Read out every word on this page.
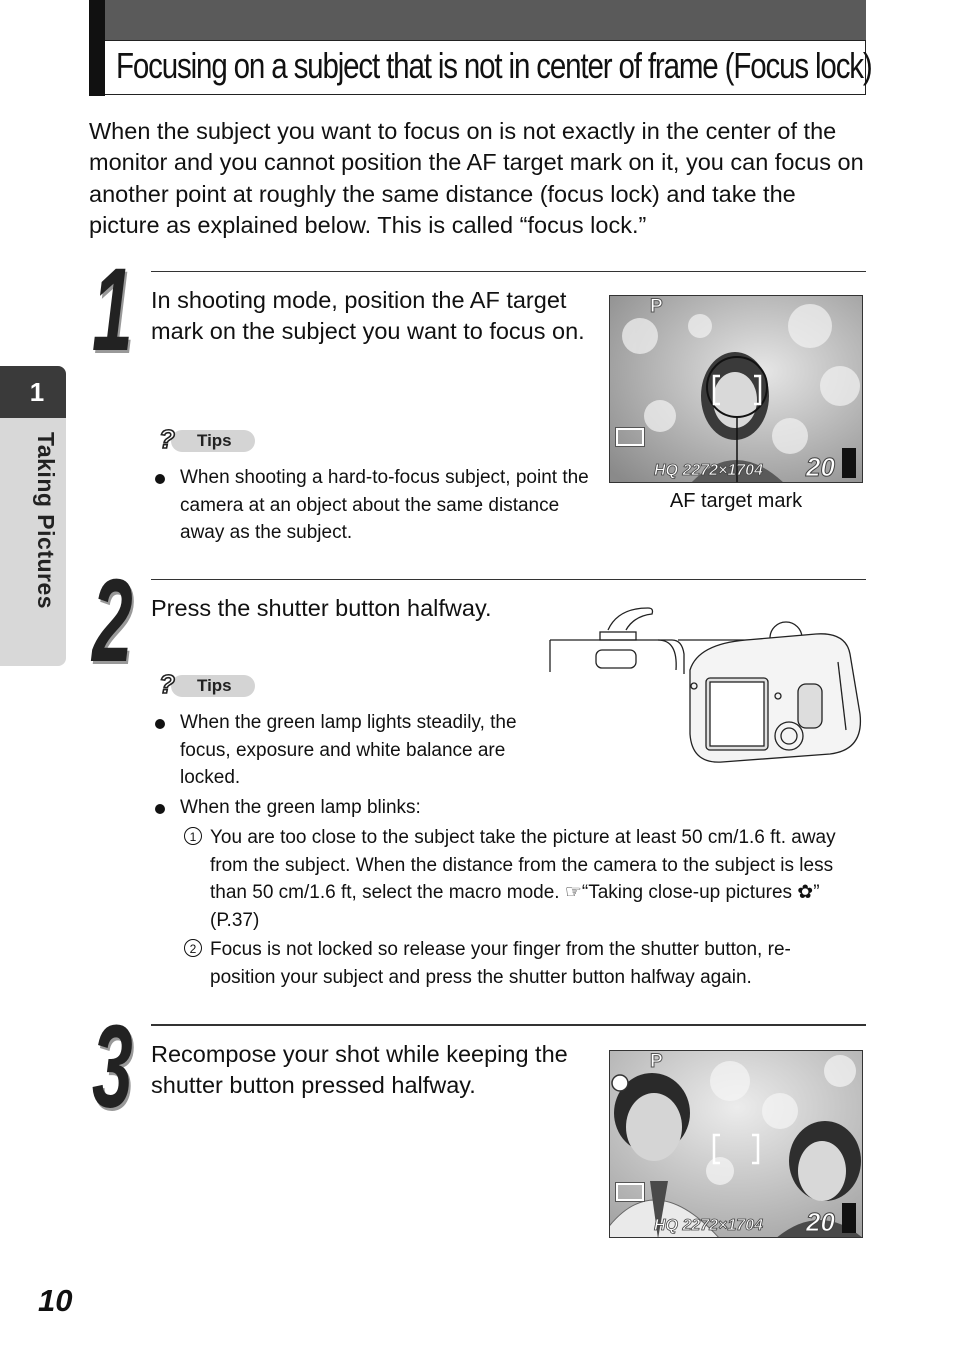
Focusing on a subject that is not in center of frame (Focus lock)
When the subject you want to focus on is not exactly in the center of the monitor and you cannot position the AF target mark on it, you can focus on another point at roughly the same distance (focus lock) and take the picture as explained below. This is called “focus lock.”
1
Taking Pictures
1 In shooting mode, position the AF target mark on the subject you want to focus on.
? Tips
When shooting a hard-to-focus subject, point the camera at an object about the same distance away as the subject.
P
HQ 2272×1704 20
AF target mark
2 Press the shutter button halfway.
? Tips
When the green lamp lights steadily, the focus, exposure and white balance are locked.
When the green lamp blinks:
1 You are too close to the subject take the picture at least 50 cm/1.6 ft. away from the subject. When the distance from the camera to the subject is less than 50 cm/1.6 ft, select the macro mode. ☞“Taking close-up pictures ✿” (P.37)
2 Focus is not locked so release your finger from the shutter button, re-position your subject and press the shutter button halfway again.
3 Recompose your shot while keeping the shutter button pressed halfway.
P
HQ 2272×1704 20
10
